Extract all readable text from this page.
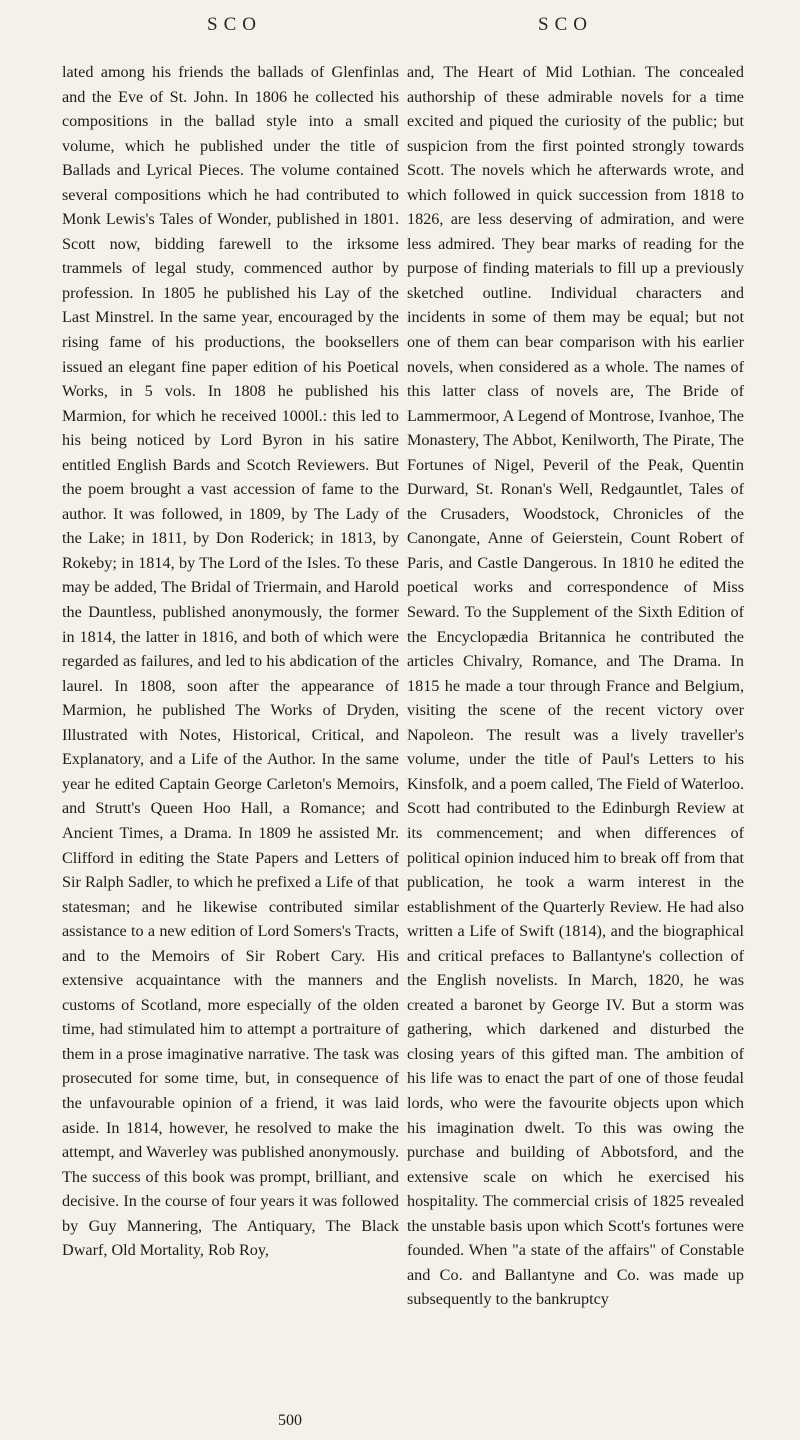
SCO	SCO
lated among his friends the ballads of Glenfinlas and the Eve of St. John. In 1806 he collected his compositions in the ballad style into a small volume, which he published under the title of Ballads and Lyrical Pieces. The volume contained several compositions which he had contributed to Monk Lewis's Tales of Wonder, published in 1801. Scott now, bidding farewell to the irksome trammels of legal study, commenced author by profession. In 1805 he published his Lay of the Last Minstrel. In the same year, encouraged by the rising fame of his productions, the booksellers issued an elegant fine paper edition of his Poetical Works, in 5 vols. In 1808 he published his Marmion, for which he received 1000l.: this led to his being noticed by Lord Byron in his satire entitled English Bards and Scotch Reviewers. But the poem brought a vast accession of fame to the author. It was followed, in 1809, by The Lady of the Lake; in 1811, by Don Roderick; in 1813, by Rokeby; in 1814, by The Lord of the Isles. To these may be added, The Bridal of Triermain, and Harold the Dauntless, published anonymously, the former in 1814, the latter in 1816, and both of which were regarded as failures, and led to his abdication of the laurel. In 1808, soon after the appearance of Marmion, he published The Works of Dryden, Illustrated with Notes, Historical, Critical, and Explanatory, and a Life of the Author. In the same year he edited Captain George Carleton's Memoirs, and Strutt's Queen Hoo Hall, a Romance; and Ancient Times, a Drama. In 1809 he assisted Mr. Clifford in editing the State Papers and Letters of Sir Ralph Sadler, to which he prefixed a Life of that statesman; and he likewise contributed similar assistance to a new edition of Lord Somers's Tracts, and to the Memoirs of Sir Robert Cary. His extensive acquaintance with the manners and customs of Scotland, more especially of the olden time, had stimulated him to attempt a portraiture of them in a prose imaginative narrative. The task was prosecuted for some time, but, in consequence of the unfavourable opinion of a friend, it was laid aside. In 1814, however, he resolved to make the attempt, and Waverley was published anonymously. The success of this book was prompt, brilliant, and decisive. In the course of four years it was followed by Guy Mannering, The Antiquary, The Black Dwarf, Old Mortality, Rob Roy,
and, The Heart of Mid Lothian. The concealed authorship of these admirable novels for a time excited and piqued the curiosity of the public; but suspicion from the first pointed strongly towards Scott. The novels which he afterwards wrote, and which followed in quick succession from 1818 to 1826, are less deserving of admiration, and were less admired. They bear marks of reading for the purpose of finding materials to fill up a previously sketched outline. Individual characters and incidents in some of them may be equal; but not one of them can bear comparison with his earlier novels, when considered as a whole. The names of this latter class of novels are, The Bride of Lammermoor, A Legend of Montrose, Ivanhoe, The Monastery, The Abbot, Kenilworth, The Pirate, The Fortunes of Nigel, Peveril of the Peak, Quentin Durward, St. Ronan's Well, Redgauntlet, Tales of the Crusaders, Woodstock, Chronicles of the Canongate, Anne of Geierstein, Count Robert of Paris, and Castle Dangerous. In 1810 he edited the poetical works and correspondence of Miss Seward. To the Supplement of the Sixth Edition of the Encyclopædia Britannica he contributed the articles Chivalry, Romance, and The Drama. In 1815 he made a tour through France and Belgium, visiting the scene of the recent victory over Napoleon. The result was a lively traveller's volume, under the title of Paul's Letters to his Kinsfolk, and a poem called, The Field of Waterloo. Scott had contributed to the Edinburgh Review at its commencement; and when differences of political opinion induced him to break off from that publication, he took a warm interest in the establishment of the Quarterly Review. He had also written a Life of Swift (1814), and the biographical and critical prefaces to Ballantyne's collection of the English novelists. In March, 1820, he was created a baronet by George IV. But a storm was gathering, which darkened and disturbed the closing years of this gifted man. The ambition of his life was to enact the part of one of those feudal lords, who were the favourite objects upon which his imagination dwelt. To this was owing the purchase and building of Abbotsford, and the extensive scale on which he exercised his hospitality. The commercial crisis of 1825 revealed the unstable basis upon which Scott's fortunes were founded. When "a state of the affairs" of Constable and Co. and Ballantyne and Co. was made up subsequently to the bankruptcy
500
